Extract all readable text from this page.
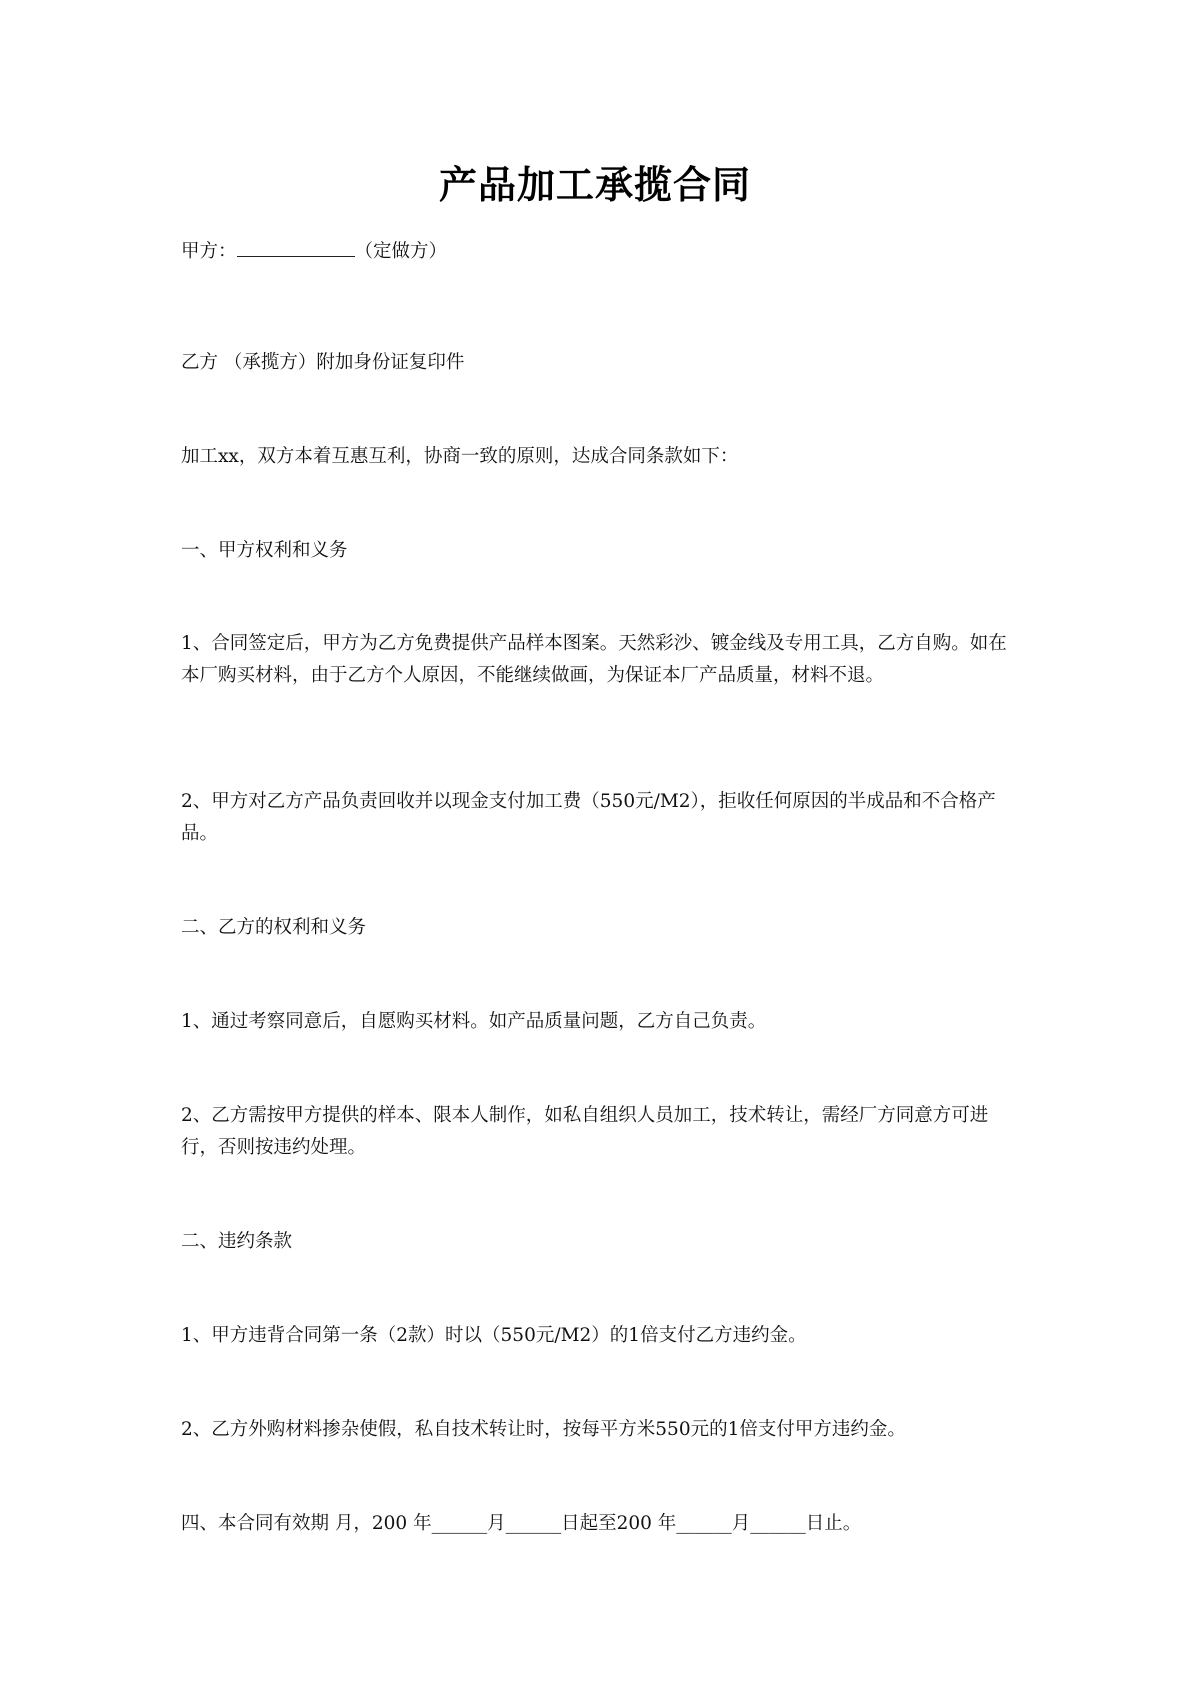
产品加工承揽合同
甲方：	（定做方）
乙方 （承揽方）附加身份证复印件
加工xx，双方本着互惠互利，协商一致的原则，达成合同条款如下：
一、甲方权利和义务
1、合同签定后，甲方为乙方免费提供产品样本图案。天然彩沙、镀金线及专用工具，乙方自购。如在本厂购买材料，由于乙方个人原因，不能继续做画，为保证本厂产品质量，材料不退。
2、甲方对乙方产品负责回收并以现金支付加工费（550元/M2），拒收任何原因的半成品和不合格产品。
二、乙方的权利和义务
1、通过考察同意后，自愿购买材料。如产品质量问题，乙方自己负责。
2、乙方需按甲方提供的样本、限本人制作，如私自组织人员加工，技术转让，需经厂方同意方可进行，否则按违约处理。
二、违约条款
1、甲方违背合同第一条（2款）时以（550元/M2）的1倍支付乙方违约金。
2、乙方外购材料掺杂使假，私自技术转让时，按每平方米550元的1倍支付甲方违约金。
四、本合同有效期 月，200 年______月______日起至200 年______月______日止。
